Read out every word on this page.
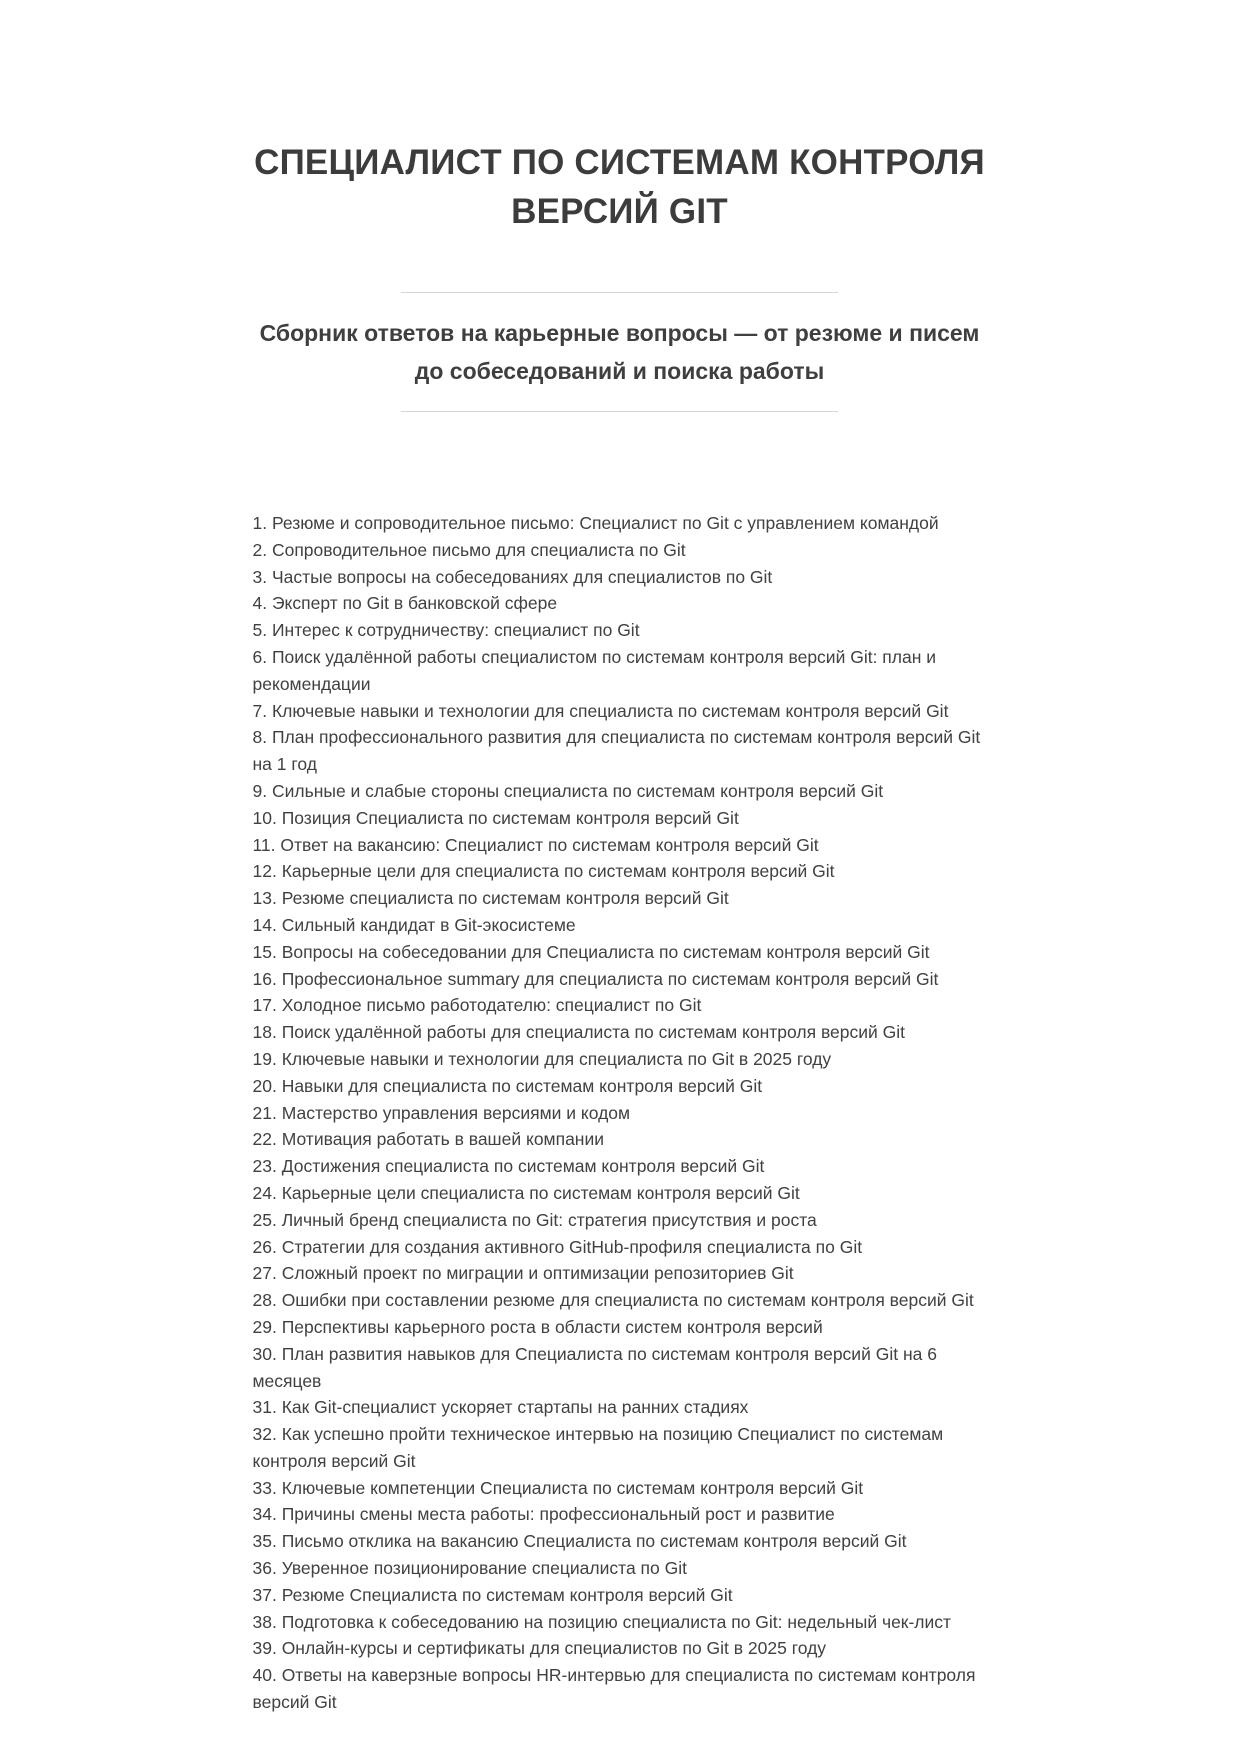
СПЕЦИАЛИСТ ПО СИСТЕМАМ КОНТРОЛЯ ВЕРСИЙ GIT
Сборник ответов на карьерные вопросы — от резюме и писем до собеседований и поиска работы

1. Резюме и сопроводительное письмо: Специалист по Git с управлением командой

2. Сопроводительное письмо для специалиста по Git

3. Частые вопросы на собеседованиях для специалистов по Git

4. Эксперт по Git в банковской сфере

5. Интерес к сотрудничеству: специалист по Git

6. Поиск удалённой работы специалистом по системам контроля версий Git: план и рекомендации

7. Ключевые навыки и технологии для специалиста по системам контроля версий Git

8. План профессионального развития для специалиста по системам контроля версий Git на 1 год

9. Сильные и слабые стороны специалиста по системам контроля версий Git

10. Позиция Специалиста по системам контроля версий Git

11. Ответ на вакансию: Специалист по системам контроля версий Git

12. Карьерные цели для специалиста по системам контроля версий Git

13. Резюме специалиста по системам контроля версий Git

14. Сильный кандидат в Git-экосистеме

15. Вопросы на собеседовании для Специалиста по системам контроля версий Git

16. Профессиональное summary для специалиста по системам контроля версий Git

17. Холодное письмо работодателю: специалист по Git

18. Поиск удалённой работы для специалиста по системам контроля версий Git

19. Ключевые навыки и технологии для специалиста по Git в 2025 году

20. Навыки для специалиста по системам контроля версий Git

21. Мастерство управления версиями и кодом

22. Мотивация работать в вашей компании

23. Достижения специалиста по системам контроля версий Git

24. Карьерные цели специалиста по системам контроля версий Git

25. Личный бренд специалиста по Git: стратегия присутствия и роста

26. Стратегии для создания активного GitHub-профиля специалиста по Git

27. Сложный проект по миграции и оптимизации репозиториев Git

28. Ошибки при составлении резюме для специалиста по системам контроля версий Git

29. Перспективы карьерного роста в области систем контроля версий

30. План развития навыков для Специалиста по системам контроля версий Git на 6 месяцев

31. Как Git-специалист ускоряет стартапы на ранних стадиях

32. Как успешно пройти техническое интервью на позицию Специалист по системам контроля версий Git

33. Ключевые компетенции Специалиста по системам контроля версий Git

34. Причины смены места работы: профессиональный рост и развитие

35. Письмо отклика на вакансию Специалиста по системам контроля версий Git

36. Уверенное позиционирование специалиста по Git

37. Резюме Специалиста по системам контроля версий Git

38. Подготовка к собеседованию на позицию специалиста по Git: недельный чек-лист

39. Онлайн-курсы и сертификаты для специалистов по Git в 2025 году

40. Ответы на каверзные вопросы HR-интервью для специалиста по системам контроля версий Git
